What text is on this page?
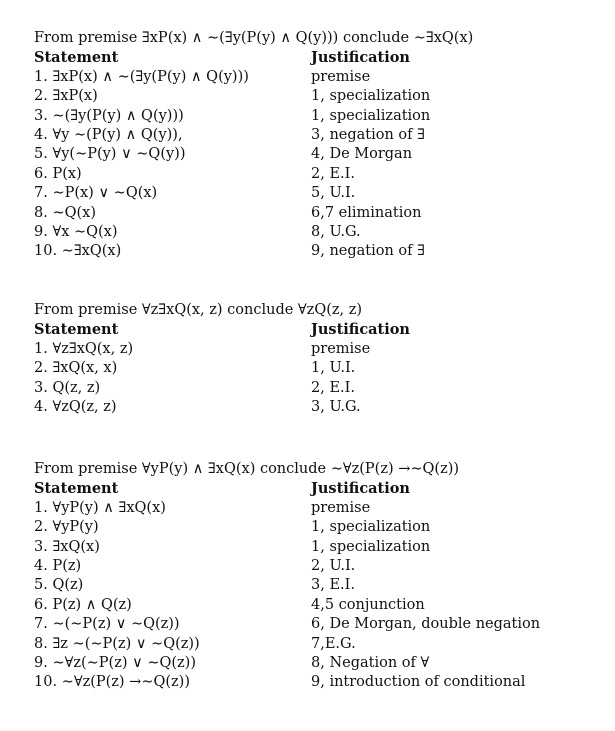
From premise ∃xP(x) ∧ ∼(∃y(P(y) ∧ Q(y))) conclude ∼∃xQ(x)
Statement	Justification
1. ∃xP(x) ∧ ∼(∃y(P(y) ∧ Q(y)))	premise
2. ∃xP(x)	1, specialization
3. ∼(∃y(P(y) ∧ Q(y)))	1, specialization
4. ∀y ∼(P(y) ∧ Q(y)),	3, negation of ∃
5. ∀y(∼P(y) ∨ ∼Q(y))	4, De Morgan
6. P(x)	2, E.I.
7. ∼P(x) ∨ ∼Q(x)	5, U.I.
8. ∼Q(x)	6,7 elimination
9. ∀x ∼Q(x)	8, U.G.
10. ∼∃xQ(x)	9, negation of ∃
From premise ∀z∃xQ(x, z) conclude ∀zQ(z, z)
Statement	Justification
1. ∀z∃xQ(x, z)	premise
2. ∃xQ(x, x)	1, U.I.
3. Q(z, z)	2, E.I.
4. ∀zQ(z, z)	3, U.G.
From premise ∀yP(y) ∧ ∃xQ(x) conclude ∼∀z(P(z) →∼Q(z))
Statement	Justification
1. ∀yP(y) ∧ ∃xQ(x)	premise
2. ∀yP(y)	1, specialization
3. ∃xQ(x)	1, specialization
4. P(z)	2, U.I.
5. Q(z)	3, E.I.
6. P(z) ∧ Q(z)	4,5 conjunction
7. ∼(∼P(z) ∨ ∼Q(z))	6, De Morgan, double negation
8. ∃z ∼(∼P(z) ∨ ∼Q(z))	7,E.G.
9. ∼∀z(∼P(z) ∨ ∼Q(z))	8, Negation of ∀
10. ∼∀z(P(z) →∼Q(z))	9, introduction of conditional
